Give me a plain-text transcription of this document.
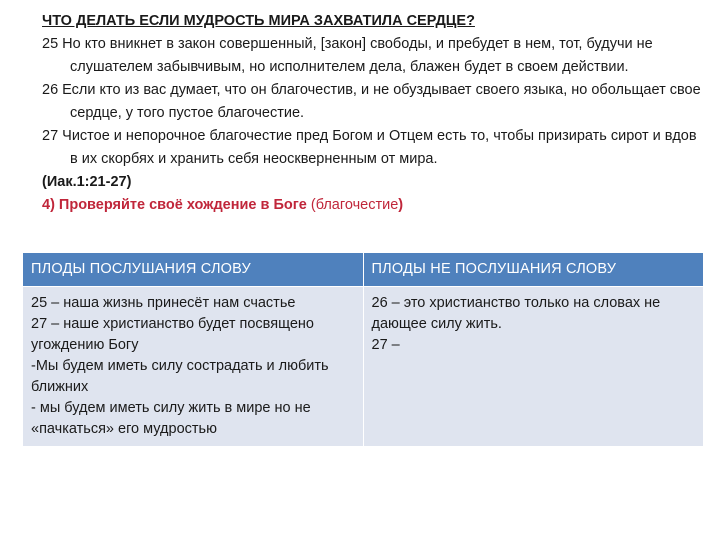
ЧТО ДЕЛАТЬ ЕСЛИ МУДРОСТЬ МИРА ЗАХВАТИЛА СЕРДЦЕ?
25 Но кто вникнет в закон совершенный, [закон] свободы, и пребудет в нем, тот, будучи не слушателем забывчивым, но исполнителем дела, блажен будет в своем действии.
26 Если кто из вас думает, что он благочестив, и не обуздывает своего языка, но обольщает свое сердце, у того пустое благочестие.
27 Чистое и непорочное благочестие пред Богом и Отцем есть то, чтобы призирать сирот и вдов в их скорбях и хранить себя неоскверненным от мира.
(Иак.1:21-27)
4) Проверяйте своё хождение в Боге (благочестие)
ПЛОДЫ ПОСЛУШАНИЯ СЛОВУ	ПЛОДЫ НЕ ПОСЛУШАНИЯ СЛОВУ

25 – наша жизнь принесёт нам счастье
27 – наше христианство будет посвящено угождению Богу
-Мы будем иметь силу сострадать и любить ближних
- мы будем иметь силу жить в мире но не «пачкаться» его мудростью	26 – это христианство только на словах не дающее силу жить.
27 –
